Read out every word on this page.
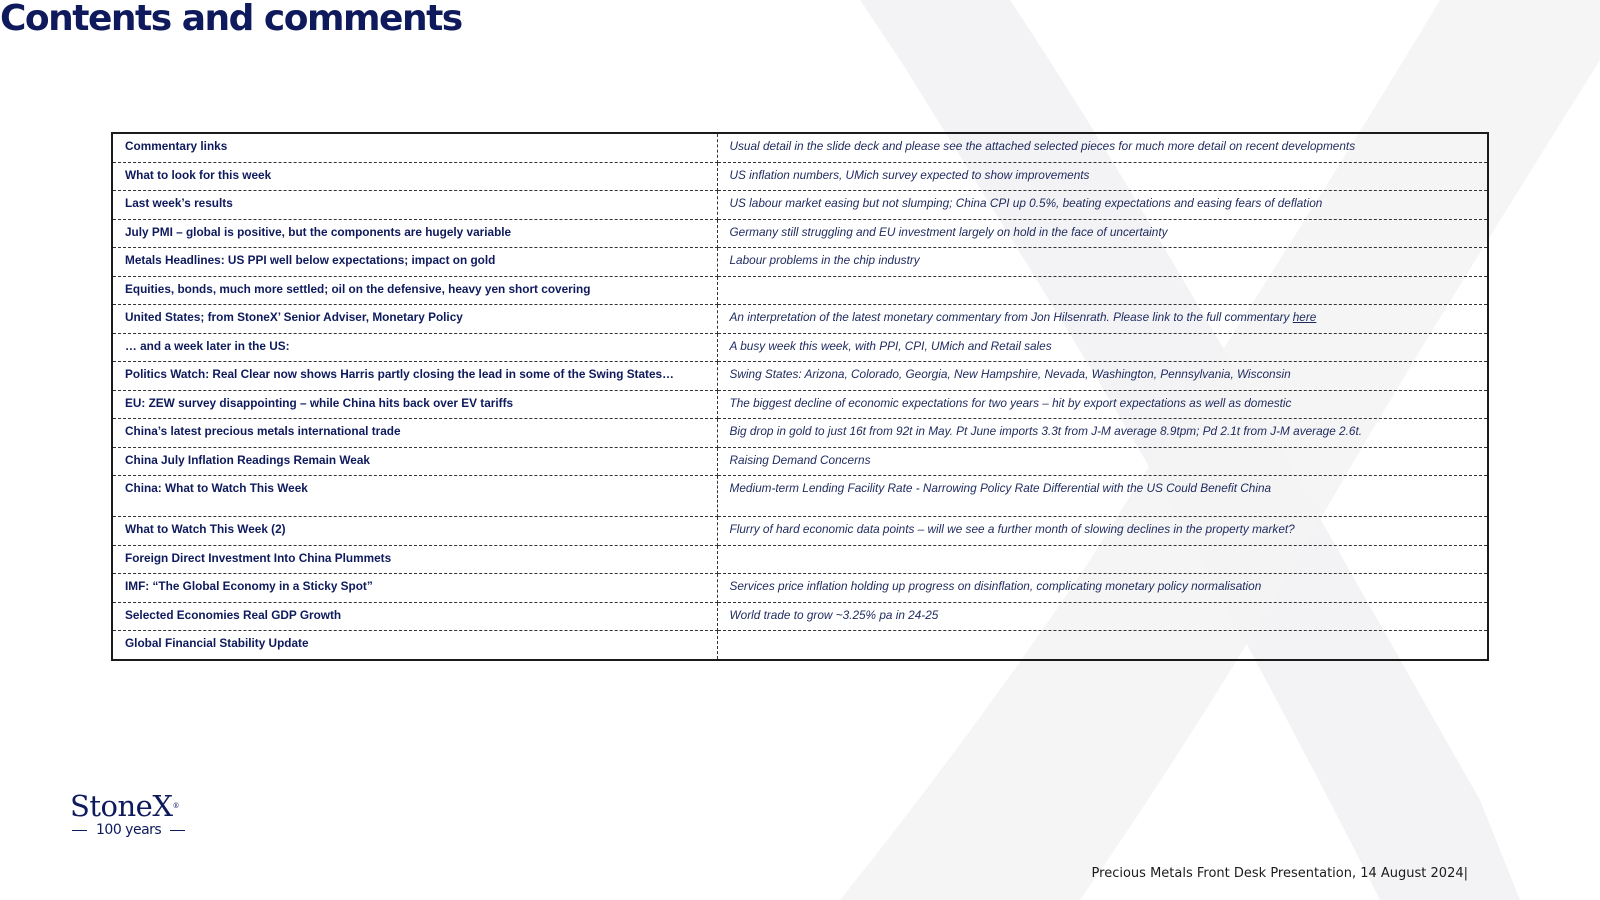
Contents and comments
Commentary links	Usual detail in the slide deck and please see the attached selected pieces for much more detail on recent developments
What to look for this week	US inflation numbers, UMich survey expected to show improvements
Last week’s results	US labour market easing but not slumping; China CPI up 0.5%, beating expectations and easing fears of deflation
July PMI – global is positive, but the components are hugely variable	Germany still struggling and EU investment largely on hold in the face of uncertainty
Metals Headlines: US PPI well below expectations; impact on gold	Labour problems in the chip industry
Equities, bonds, much more settled; oil on the defensive, heavy yen short covering	
United States; from StoneX’ Senior Adviser, Monetary Policy	An interpretation of the latest monetary commentary from Jon Hilsenrath. Please link to the full commentary here
… and a week later in the US:	A busy week this week, with PPI, CPI, UMich and Retail sales
Politics Watch: Real Clear now shows Harris partly closing the lead in some of the Swing States…	Swing States: Arizona, Colorado, Georgia, New Hampshire, Nevada, Washington, Pennsylvania, Wisconsin
EU: ZEW survey disappointing – while China hits back over EV tariffs	The biggest decline of economic expectations for two years – hit by export expectations as well as domestic
China’s latest precious metals international trade	Big drop in gold to just 16t from 92t in May. Pt June imports 3.3t from J-M average 8.9tpm; Pd 2.1t from J-M average 2.6t.
China July Inflation Readings Remain Weak	Raising Demand Concerns
China: What to Watch This Week	Medium-term Lending Facility Rate - Narrowing Policy Rate Differential with the US Could Benefit China
What to Watch This Week (2)	Flurry of hard economic data points – will we see a further month of slowing declines in the property market?
Foreign Direct Investment Into China Plummets	
IMF: “The Global Economy in a Sticky Spot”	Services price inflation holding up progress on disinflation, complicating monetary policy normalisation
Selected Economies Real GDP Growth	World trade to grow ~3.25% pa in 24-25
Global Financial Stability Update	
StoneX®
100 years
Precious Metals Front Desk Presentation, 14 August 2024|
